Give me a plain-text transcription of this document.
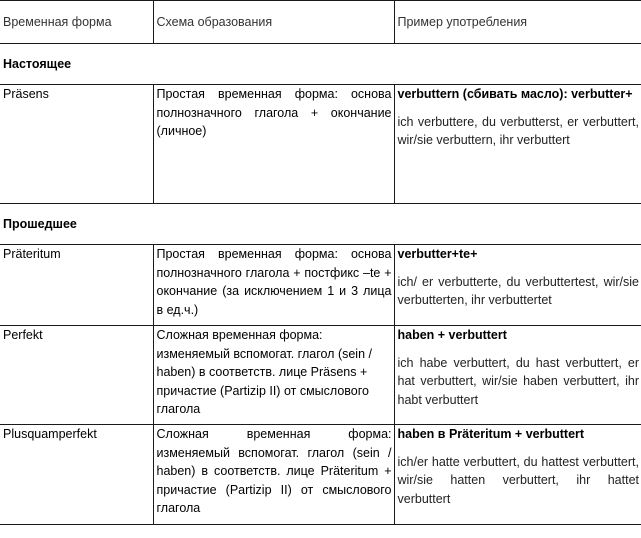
Временная форма	Схема образования	Пример употребления
Настоящее		
Präsens	Простая временная форма: основа полнозначного глагола + окончание (личное)	verbuttern (сбивать масло): verbutter+
ich verbuttere, du verbutterst, er verbuttert, wir/sie verbuttern, ihr verbuttert

Прошедшее		
Präteritum	Простая временная форма: основа полнозначного глагола + постфикс –te + окончание (за исключением 1 и 3 лица в ед.ч.)	verbutter+te+
ich/ er verbutterte, du verbuttertest, wir/sie verbutterten, ihr verbuttertet

Perfekt	Сложная временная форма: изменяемый вспомогат. глагол (sein / haben) в соответств. лице Präsens + причастие (Partizip II) от смыслового глагола	haben + verbuttert
ich habe verbuttert, du hast verbuttert, er hat verbuttert, wir/sie haben verbuttert, ihr habt verbuttert

Plusquamperfekt	Сложная временная форма: изменяемый вспомогат. глагол (sein / haben) в соответств. лице Präteritum + причастие (Partizip II) от смыслового глагола	haben в Präteritum + verbuttert
ich/er hatte verbuttert, du hattest verbuttert, wir/sie hatten verbuttert, ihr hattet verbuttert
